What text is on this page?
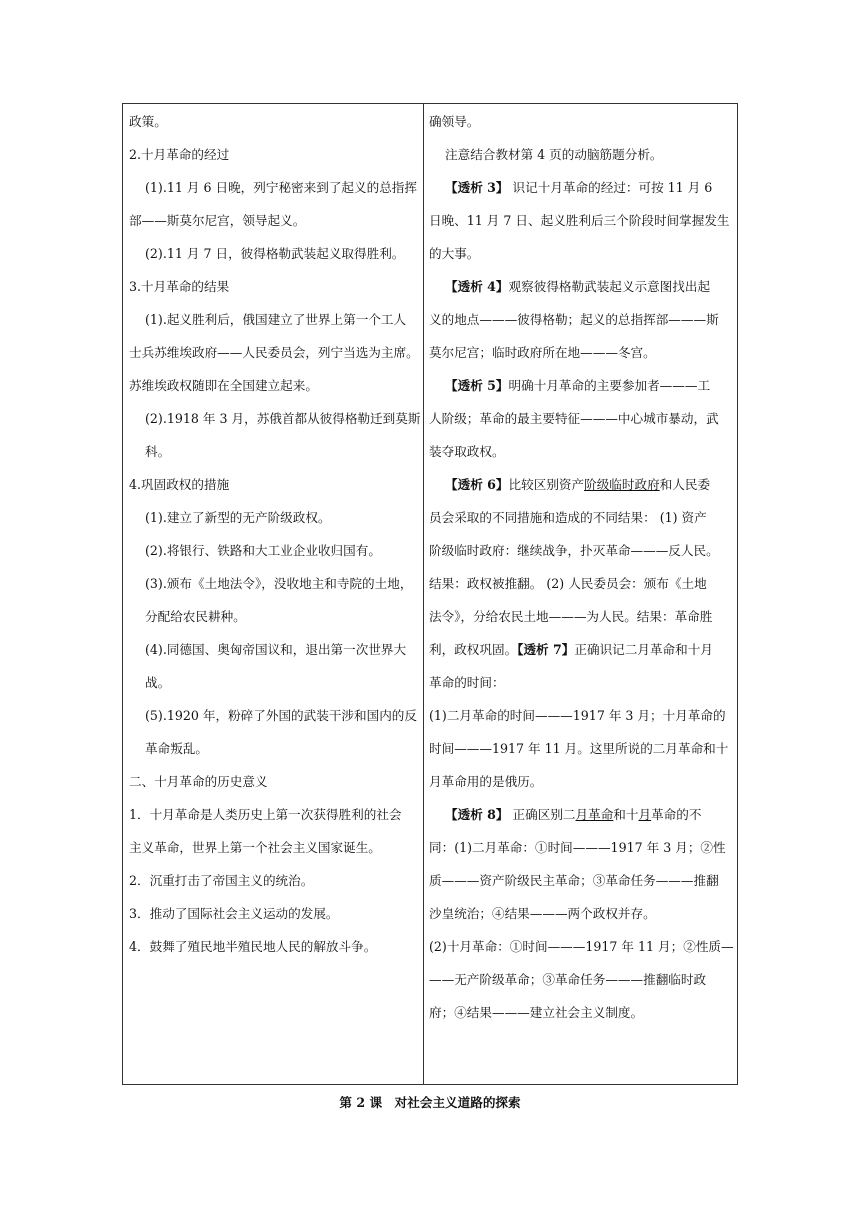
政策。
2.十月革命的经过
(1).11 月 6 日晚，列宁秘密来到了起义的总指挥
部——斯莫尔尼宫，领导起义。
(2).11 月 7 日，彼得格勒武装起义取得胜利。
3.十月革命的结果
(1).起义胜利后，俄国建立了世界上第一个工人
士兵苏维埃政府——人民委员会，列宁当选为主席。
苏维埃政权随即在全国建立起来。
(2).1918 年 3 月，苏俄首都从彼得格勒迁到莫斯
科。
4.巩固政权的措施
(1).建立了新型的无产阶级政权。
(2).将银行、铁路和大工业企业收归国有。
(3).颁布《土地法令》，没收地主和寺院的土地，
分配给农民耕种。
(4).同德国、奥匈帝国议和，退出第一次世界大
战。
(5).1920 年，粉碎了外国的武装干涉和国内的反
革命叛乱。
二、十月革命的历史意义
1．十月革命是人类历史上第一次获得胜利的社会
主义革命，世界上第一个社会主义国家诞生。
2．沉重打击了帝国主义的统治。
3．推动了国际社会主义运动的发展。
4．鼓舞了殖民地半殖民地人民的解放斗争。
确领导。
注意结合教材第 4 页的动脑筋题分析。
【透析 3】 识记十月革命的经过：可按 11 月 6
日晚、11 月 7 日、起义胜利后三个阶段时间掌握发生
的大事。
【透析 4】观察彼得格勒武装起义示意图找出起
义的地点———彼得格勒；起义的总指挥部———斯
莫尔尼宫；临时政府所在地———冬宫。
【透析 5】明确十月革命的主要参加者———工
人阶级；革命的最主要特征———中心城市暴动，武
装夺取政权。
【透析 6】比较区别资产阶级临时政府和人民委
员会采取的不同措施和造成的不同结果： (1) 资产
阶级临时政府：继续战争，扑灭革命———反人民。
结果：政权被推翻。 (2) 人民委员会：颁布《土地
法令》，分给农民土地———为人民。结果：革命胜
利，政权巩固。【透析 7】正确识记二月革命和十月
革命的时间：
(1)二月革命的时间———1917 年 3 月；十月革命的
时间———1917 年 11 月。这里所说的二月革命和十
月革命用的是俄历。
【透析 8】 正确区别二月革命和十月革命的不
同：(1)二月革命：①时间———1917 年 3 月；②性
质———资产阶级民主革命；③革命任务———推翻
沙皇统治；④结果———两个政权并存。
(2)十月革命：①时间———1917 年 11 月；②性质—
——无产阶级革命；③革命任务———推翻临时政
府；④结果———建立社会主义制度。
第 2 课　对社会主义道路的探索
